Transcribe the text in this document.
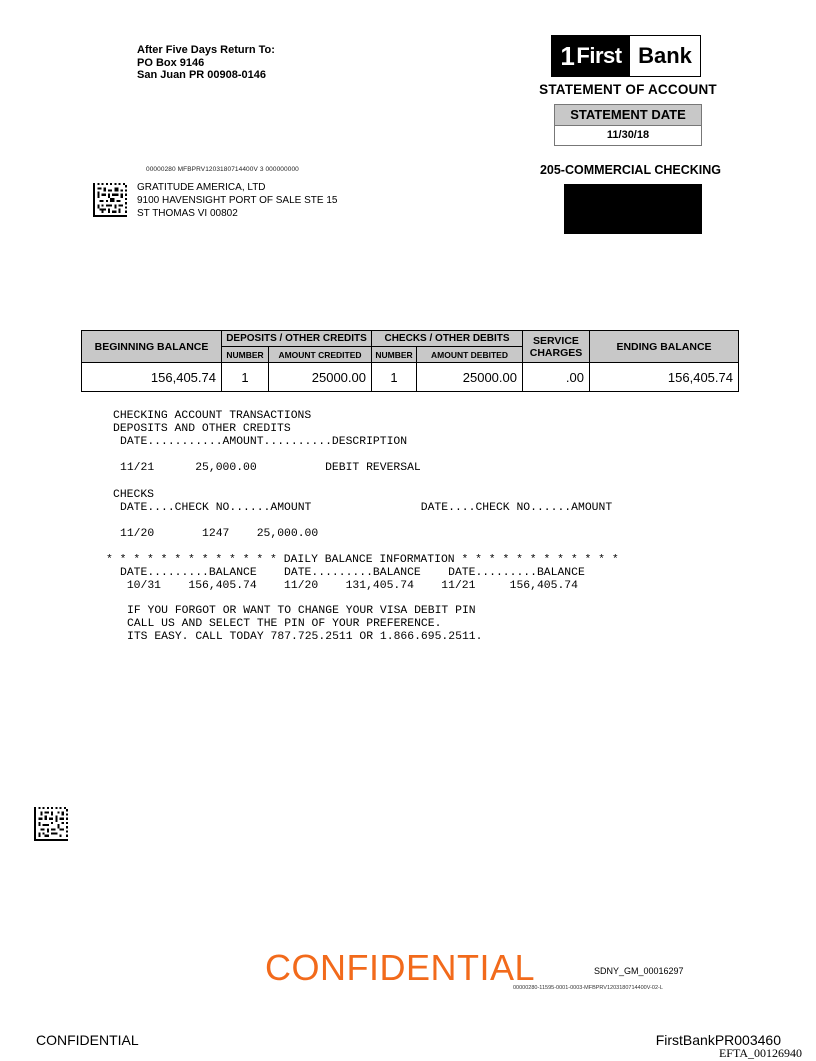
After Five Days Return To:
PO Box 9146
San Juan PR 00908-0146
1 First Bank
STATEMENT OF ACCOUNT
STATEMENT DATE
11/30/18
205-COMMERCIAL CHECKING
00000280 MFBPRV1203180714400V 3 000000000
GRATITUDE AMERICA, LTD
9100 HAVENSIGHT PORT OF SALE STE 15
ST THOMAS VI 00802
BEGINNING BALANCE	DEPOSITS / OTHER CREDITS		CHECKS / OTHER DEBITS		SERVICE CHARGES	ENDING BALANCE
	NUMBER	AMOUNT CREDITED	NUMBER	AMOUNT DEBITED		
156,405.74	1	25000.00	1	25000.00	.00	156,405.74
CHECKING ACCOUNT TRANSACTIONS
DEPOSITS AND OTHER CREDITS
DATE...........AMOUNT..........DESCRIPTION
11/21      25,000.00          DEBIT REVERSAL
CHECKS
DATE....CHECK NO......AMOUNT                DATE....CHECK NO......AMOUNT
11/20       1247    25,000.00
* * * * * * * * * * * * * DAILY BALANCE INFORMATION * * * * * * * * * * * *
DATE.........BALANCE    DATE.........BALANCE    DATE.........BALANCE
10/31    156,405.74    11/20    131,405.74    11/21     156,405.74
IF YOU FORGOT OR WANT TO CHANGE YOUR VISA DEBIT PIN
CALL US AND SELECT THE PIN OF YOUR PREFERENCE.
ITS EASY. CALL TODAY 787.725.2511 OR 1.866.695.2511.
CONFIDENTIAL	SDNY_GM_00016297
00000280-11595-0001-0003-MFBPRV1203180714400V-02-L
CONFIDENTIAL	FirstBankPR003460
EFTA_00126940
